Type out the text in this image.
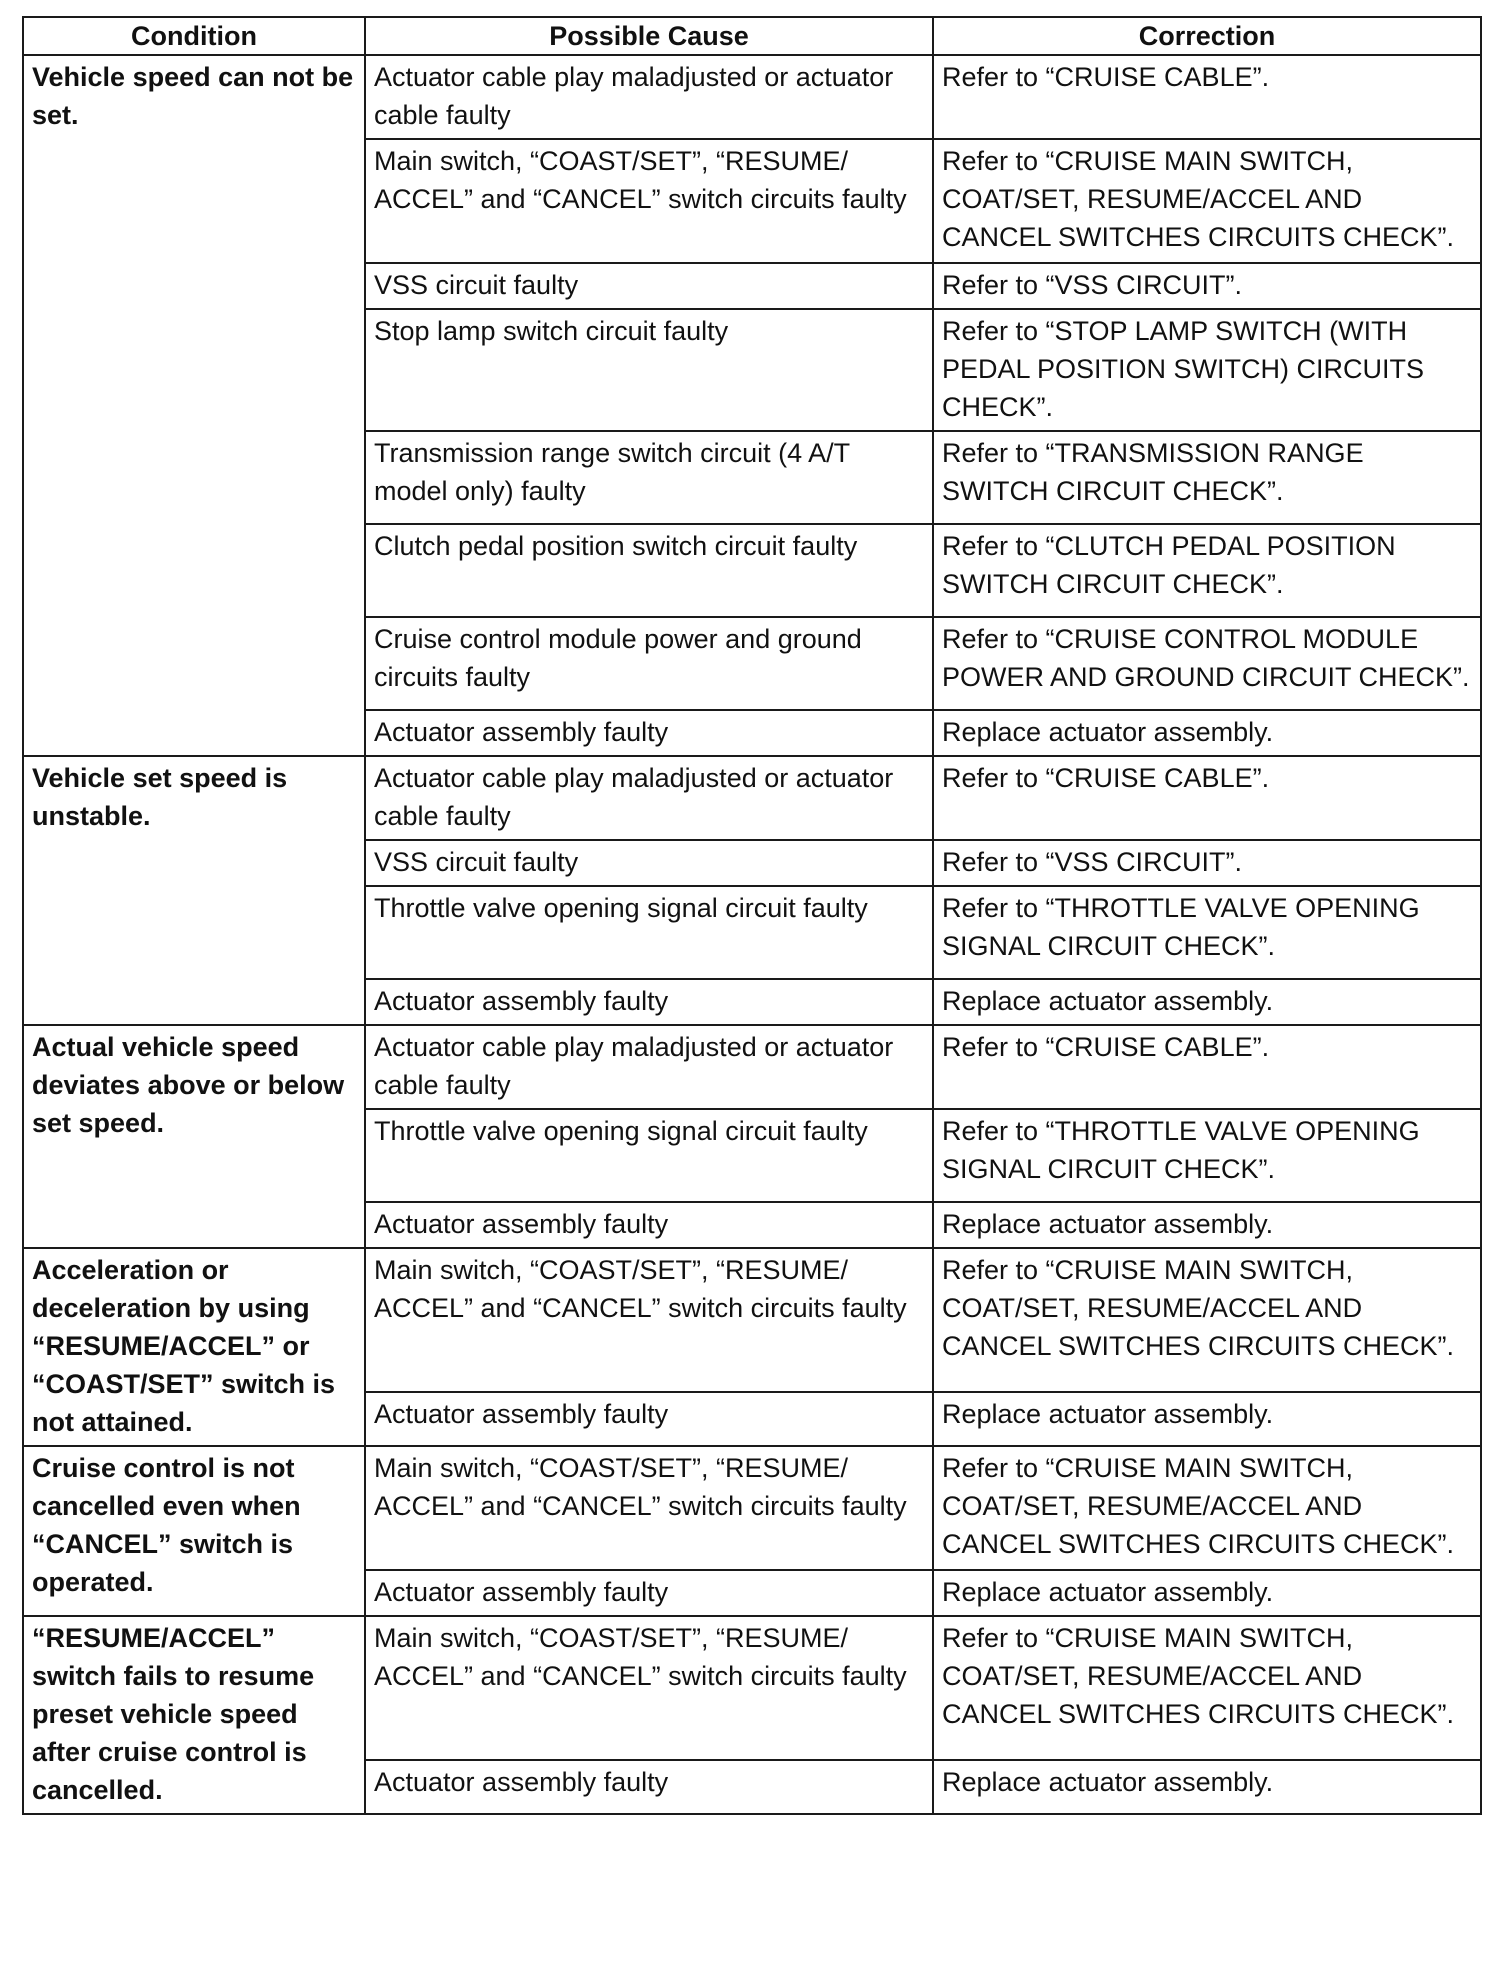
Condition	Possible Cause	Correction
Vehicle speed can not be set.	Actuator cable play maladjusted or actuator cable faulty	Refer to “CRUISE CABLE”.
	Main switch, “COAST/SET”, “RESUME/ ACCEL” and “CANCEL” switch circuits faulty	Refer to “CRUISE MAIN SWITCH, COAT/SET, RESUME/ACCEL AND CANCEL SWITCHES CIRCUITS CHECK”.
	VSS circuit faulty	Refer to “VSS CIRCUIT”.
	Stop lamp switch circuit faulty	Refer to “STOP LAMP SWITCH (WITH PEDAL POSITION SWITCH) CIRCUITS CHECK”.
	Transmission range switch circuit (4 A/T model only) faulty	Refer to “TRANSMISSION RANGE SWITCH CIRCUIT CHECK”.
	Clutch pedal position switch circuit faulty	Refer to “CLUTCH PEDAL POSITION SWITCH CIRCUIT CHECK”.
	Cruise control module power and ground circuits faulty	Refer to “CRUISE CONTROL MODULE POWER AND GROUND CIRCUIT CHECK”.
	Actuator assembly faulty	Replace actuator assembly.
Vehicle set speed is unstable.	Actuator cable play maladjusted or actuator cable faulty	Refer to “CRUISE CABLE”.
	VSS circuit faulty	Refer to “VSS CIRCUIT”.
	Throttle valve opening signal circuit faulty	Refer to “THROTTLE VALVE OPENING SIGNAL CIRCUIT CHECK”.
	Actuator assembly faulty	Replace actuator assembly.
Actual vehicle speed deviates above or below set speed.	Actuator cable play maladjusted or actuator cable faulty	Refer to “CRUISE CABLE”.
	Throttle valve opening signal circuit faulty	Refer to “THROTTLE VALVE OPENING SIGNAL CIRCUIT CHECK”.
	Actuator assembly faulty	Replace actuator assembly.
Acceleration or deceleration by using “RESUME/ACCEL” or “COAST/SET” switch is not attained.	Main switch, “COAST/SET”, “RESUME/ ACCEL” and “CANCEL” switch circuits faulty	Refer to “CRUISE MAIN SWITCH, COAT/SET, RESUME/ACCEL AND CANCEL SWITCHES CIRCUITS CHECK”.
	Actuator assembly faulty	Replace actuator assembly.
Cruise control is not cancelled even when “CANCEL” switch is operated.	Main switch, “COAST/SET”, “RESUME/ ACCEL” and “CANCEL” switch circuits faulty	Refer to “CRUISE MAIN SWITCH, COAT/SET, RESUME/ACCEL AND CANCEL SWITCHES CIRCUITS CHECK”.
	Actuator assembly faulty	Replace actuator assembly.
“RESUME/ACCEL” switch fails to resume preset vehicle speed after cruise control is cancelled.	Main switch, “COAST/SET”, “RESUME/ ACCEL” and “CANCEL” switch circuits faulty	Refer to “CRUISE MAIN SWITCH, COAT/SET, RESUME/ACCEL AND CANCEL SWITCHES CIRCUITS CHECK”.
	Actuator assembly faulty	Replace actuator assembly.
